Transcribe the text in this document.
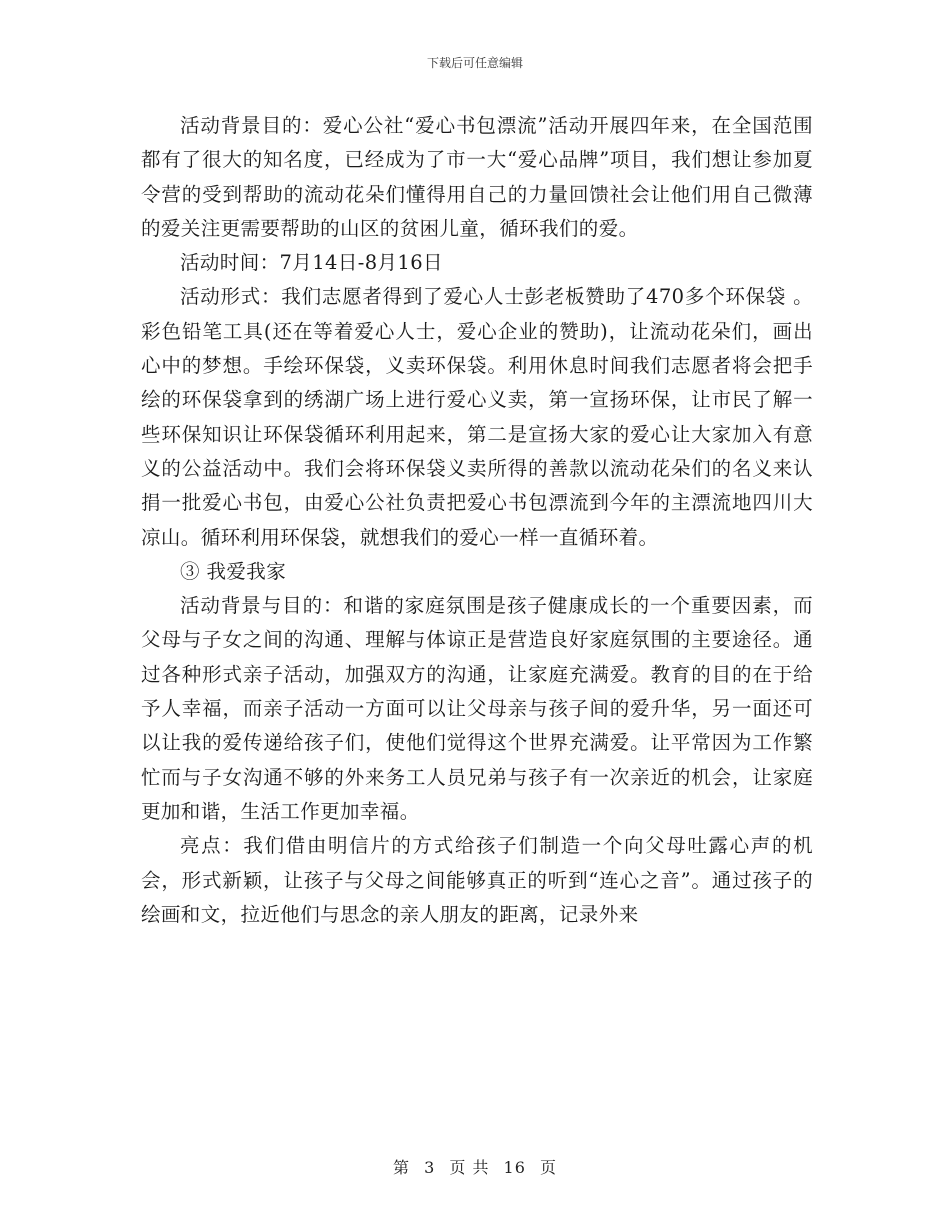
下载后可任意编辑

活动背景目的：爱心公社“爱心书包漂流”活动开展四年来，在全国范围都有了很大的知名度，已经成为了市一大“爱心品牌”项目，我们想让参加夏令营的受到帮助的流动花朵们懂得用自己的力量回馈社会让他们用自己微薄的爱关注更需要帮助的山区的贫困儿童，循环我们的爱。

活动时间：7月14日-8月16日

活动形式：我们志愿者得到了爱心人士彭老板赞助了470多个环保袋 。彩色铅笔工具(还在等着爱心人士，爱心企业的赞助)，让流动花朵们，画出心中的梦想。手绘环保袋，义卖环保袋。利用休息时间我们志愿者将会把手绘的环保袋拿到的绣湖广场上进行爱心义卖，第一宣扬环保，让市民了解一些环保知识让环保袋循环利用起来，第二是宣扬大家的爱心让大家加入有意义的公益活动中。我们会将环保袋义卖所得的善款以流动花朵们的名义来认捐一批爱心书包，由爱心公社负责把爱心书包漂流到今年的主漂流地四川大凉山。循环利用环保袋，就想我们的爱心一样一直循环着。

③ 我爱我家

活动背景与目的：和谐的家庭氛围是孩子健康成长的一个重要因素，而父母与子女之间的沟通、理解与体谅正是营造良好家庭氛围的主要途径。通过各种形式亲子活动，加强双方的沟通，让家庭充满爱。教育的目的在于给予人幸福，而亲子活动一方面可以让父母亲与孩子间的爱升华，另一面还可以让我的爱传递给孩子们，使他们觉得这个世界充满爱。让平常因为工作繁忙而与子女沟通不够的外来务工人员兄弟与孩子有一次亲近的机会，让家庭更加和谐，生活工作更加幸福。

亮点：我们借由明信片的方式给孩子们制造一个向父母吐露心声的机会，形式新颖，让孩子与父母之间能够真正的听到“连心之音”。通过孩子的绘画和文，拉近他们与思念的亲人朋友的距离，记录外来

第 3 页 共 16 页
